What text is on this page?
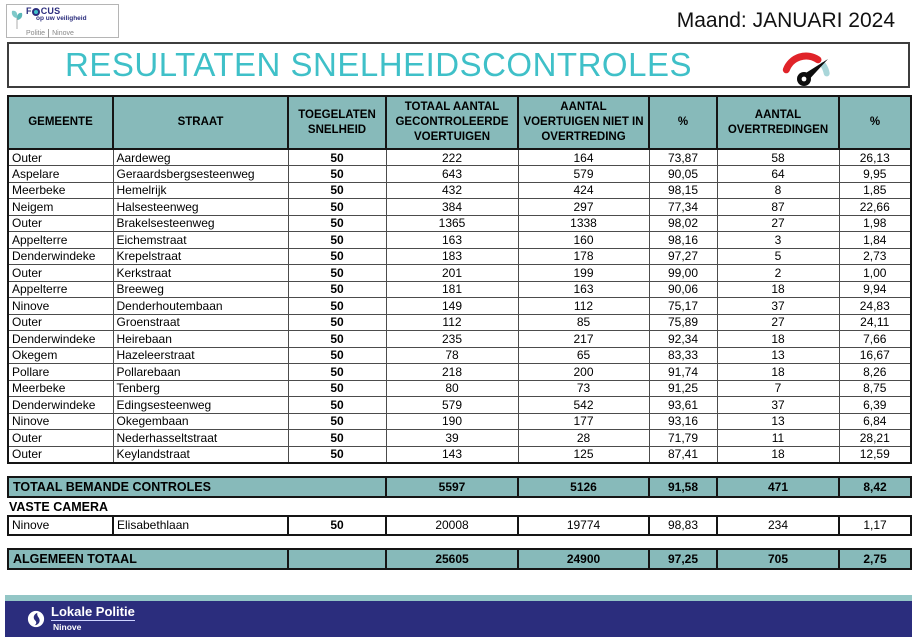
F CUS
op uw veiligheid
Politie Ninove
Maand: JANUARI 2024
RESULTATEN SNELHEIDSCONTROLES
GEMEENTE	STRAAT	TOEGELATEN SNELHEID	TOTAAL AANTAL GECONTROLEERDE VOERTUIGEN	AANTAL VOERTUIGEN NIET IN OVERTREDING	%	AANTAL OVERTREDINGEN	%
Outer	Aardeweg	50	222	164	73,87	58	26,13
Aspelare	Geraardsbergsesteenweg	50	643	579	90,05	64	9,95
Meerbeke	Hemelrijk	50	432	424	98,15	8	1,85
Neigem	Halsesteenweg	50	384	297	77,34	87	22,66
Outer	Brakelsesteenweg	50	1365	1338	98,02	27	1,98
Appelterre	Eichemstraat	50	163	160	98,16	3	1,84
Denderwindeke	Krepelstraat	50	183	178	97,27	5	2,73
Outer	Kerkstraat	50	201	199	99,00	2	1,00
Appelterre	Breeweg	50	181	163	90,06	18	9,94
Ninove	Denderhoutembaan	50	149	112	75,17	37	24,83
Outer	Groenstraat	50	112	85	75,89	27	24,11
Denderwindeke	Heirebaan	50	235	217	92,34	18	7,66
Okegem	Hazeleerstraat	50	78	65	83,33	13	16,67
Pollare	Pollarebaan	50	218	200	91,74	18	8,26
Meerbeke	Tenberg	50	80	73	91,25	7	8,75
Denderwindeke	Edingsesteenweg	50	579	542	93,61	37	6,39
Ninove	Okegembaan	50	190	177	93,16	13	6,84
Outer	Nederhasseltstraat	50	39	28	71,79	11	28,21
Outer	Keylandstraat	50	143	125	87,41	18	12,59
TOTAAL BEMANDE CONTROLES	5597	5126	91,58	471	8,42
VASTE CAMERA
Ninove	Elisabethlaan	50	20008	19774	98,83	234	1,17
ALGEMEEN TOTAAL		25605	24900	97,25	705	2,75
Lokale Politie
Ninove
